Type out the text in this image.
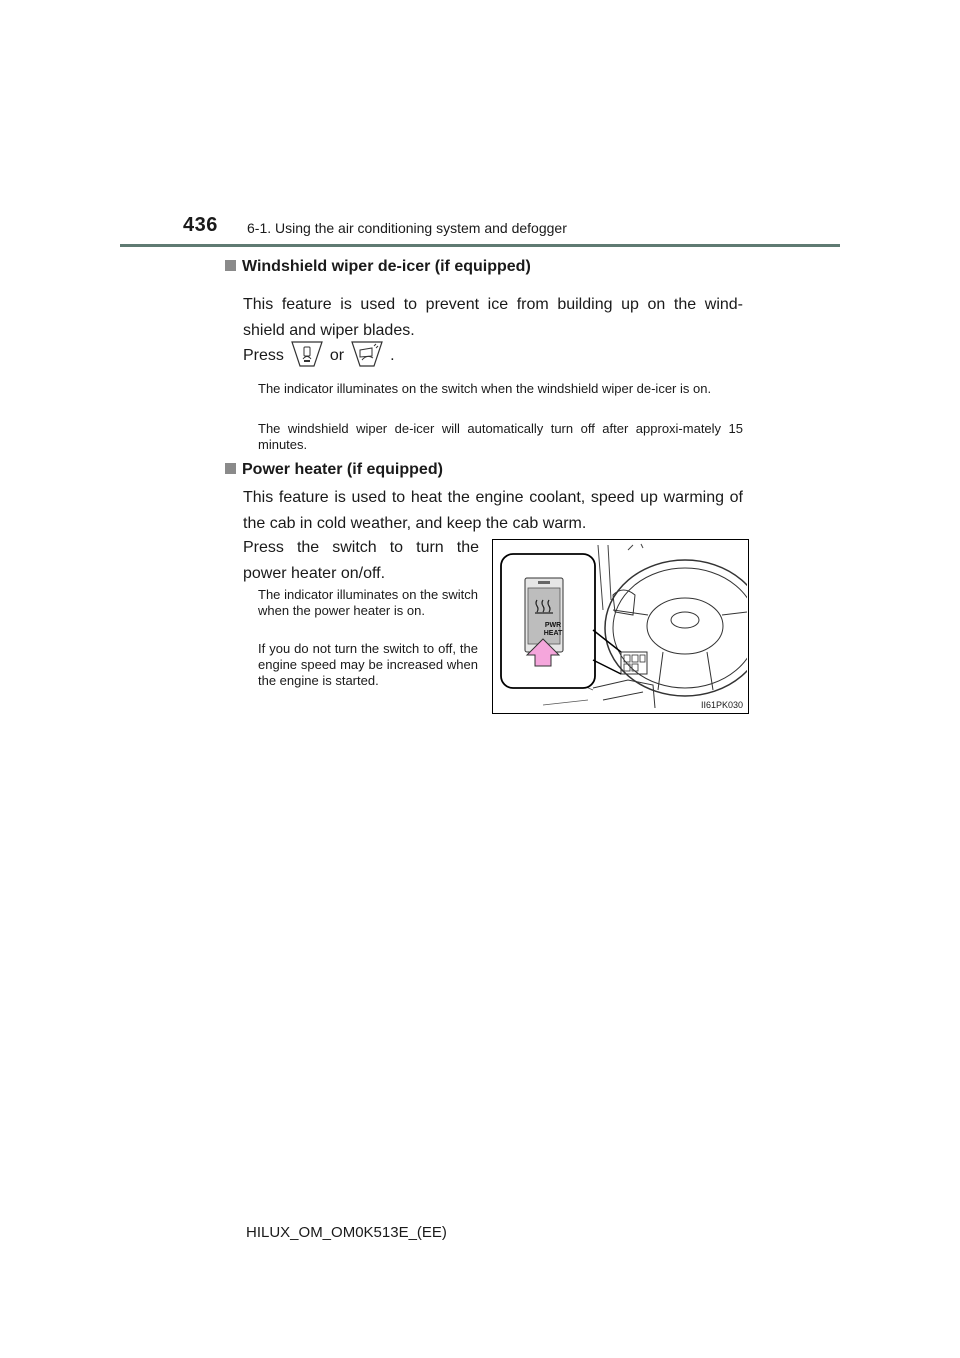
436 6-1. Using the air conditioning system and defogger
Windshield wiper de-icer (if equipped)
This feature is used to prevent ice from building up on the wind-
shield and wiper blades.
Press	or	.
The indicator illuminates on the switch when the windshield wiper de-icer is on.
The windshield wiper de-icer will automatically turn off after approxi-mately 15 minutes.
Power heater (if equipped)
This feature is used to heat the engine coolant, speed up warming of the cab in cold weather, and keep the cab warm.
Press the switch to turn the power heater on/off.
The indicator illuminates on the switch when the power heater is on.
If you do not turn the switch to off, the engine speed may be increased when the engine is started.
PWR
HEAT
II61PK030
HILUX_OM_OM0K513E_(EE)
